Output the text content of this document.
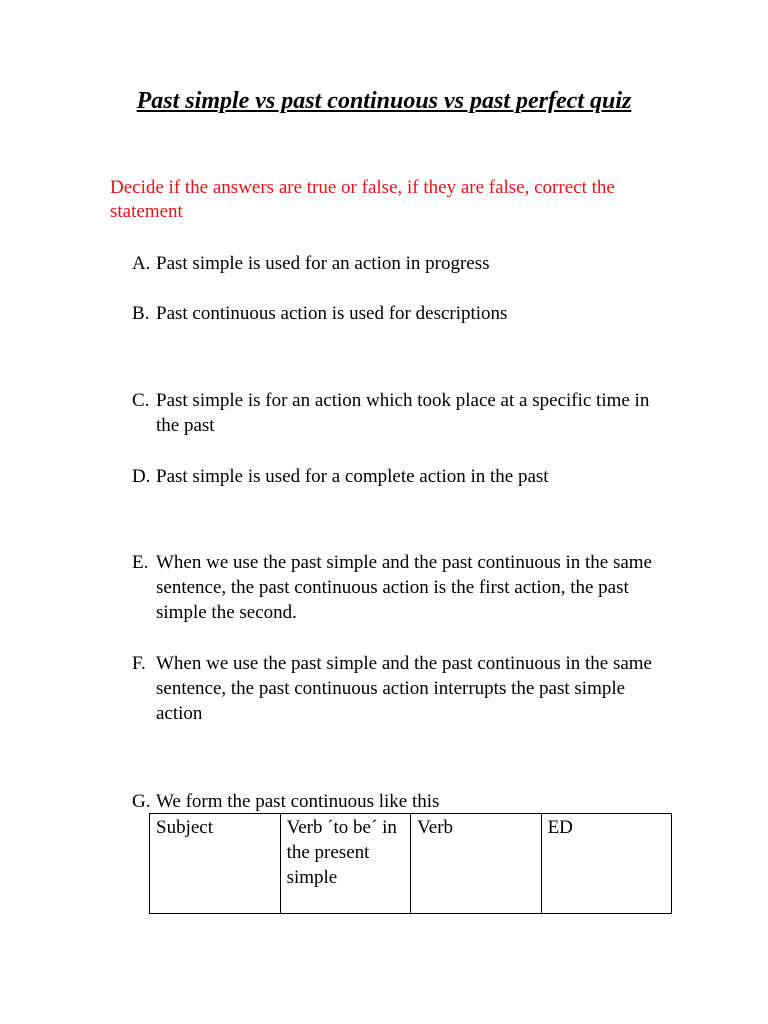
Past simple vs past continuous vs past perfect quiz
Decide if the answers are true or false, if they are false, correct the statement
A. Past simple is used for an action in progress
B. Past continuous action is used for descriptions
C. Past simple is for an action which took place at a specific time in the past
D. Past simple is used for a complete action in the past
E. When we use the past simple and the past continuous in the same sentence, the past continuous action is the first action, the past simple the second.
F. When we use the past simple and the past continuous in the same sentence, the past continuous action interrupts the past simple action
G. We form the past continuous like this
Subject	Verb ´to be´ in the present simple	Verb	ED
